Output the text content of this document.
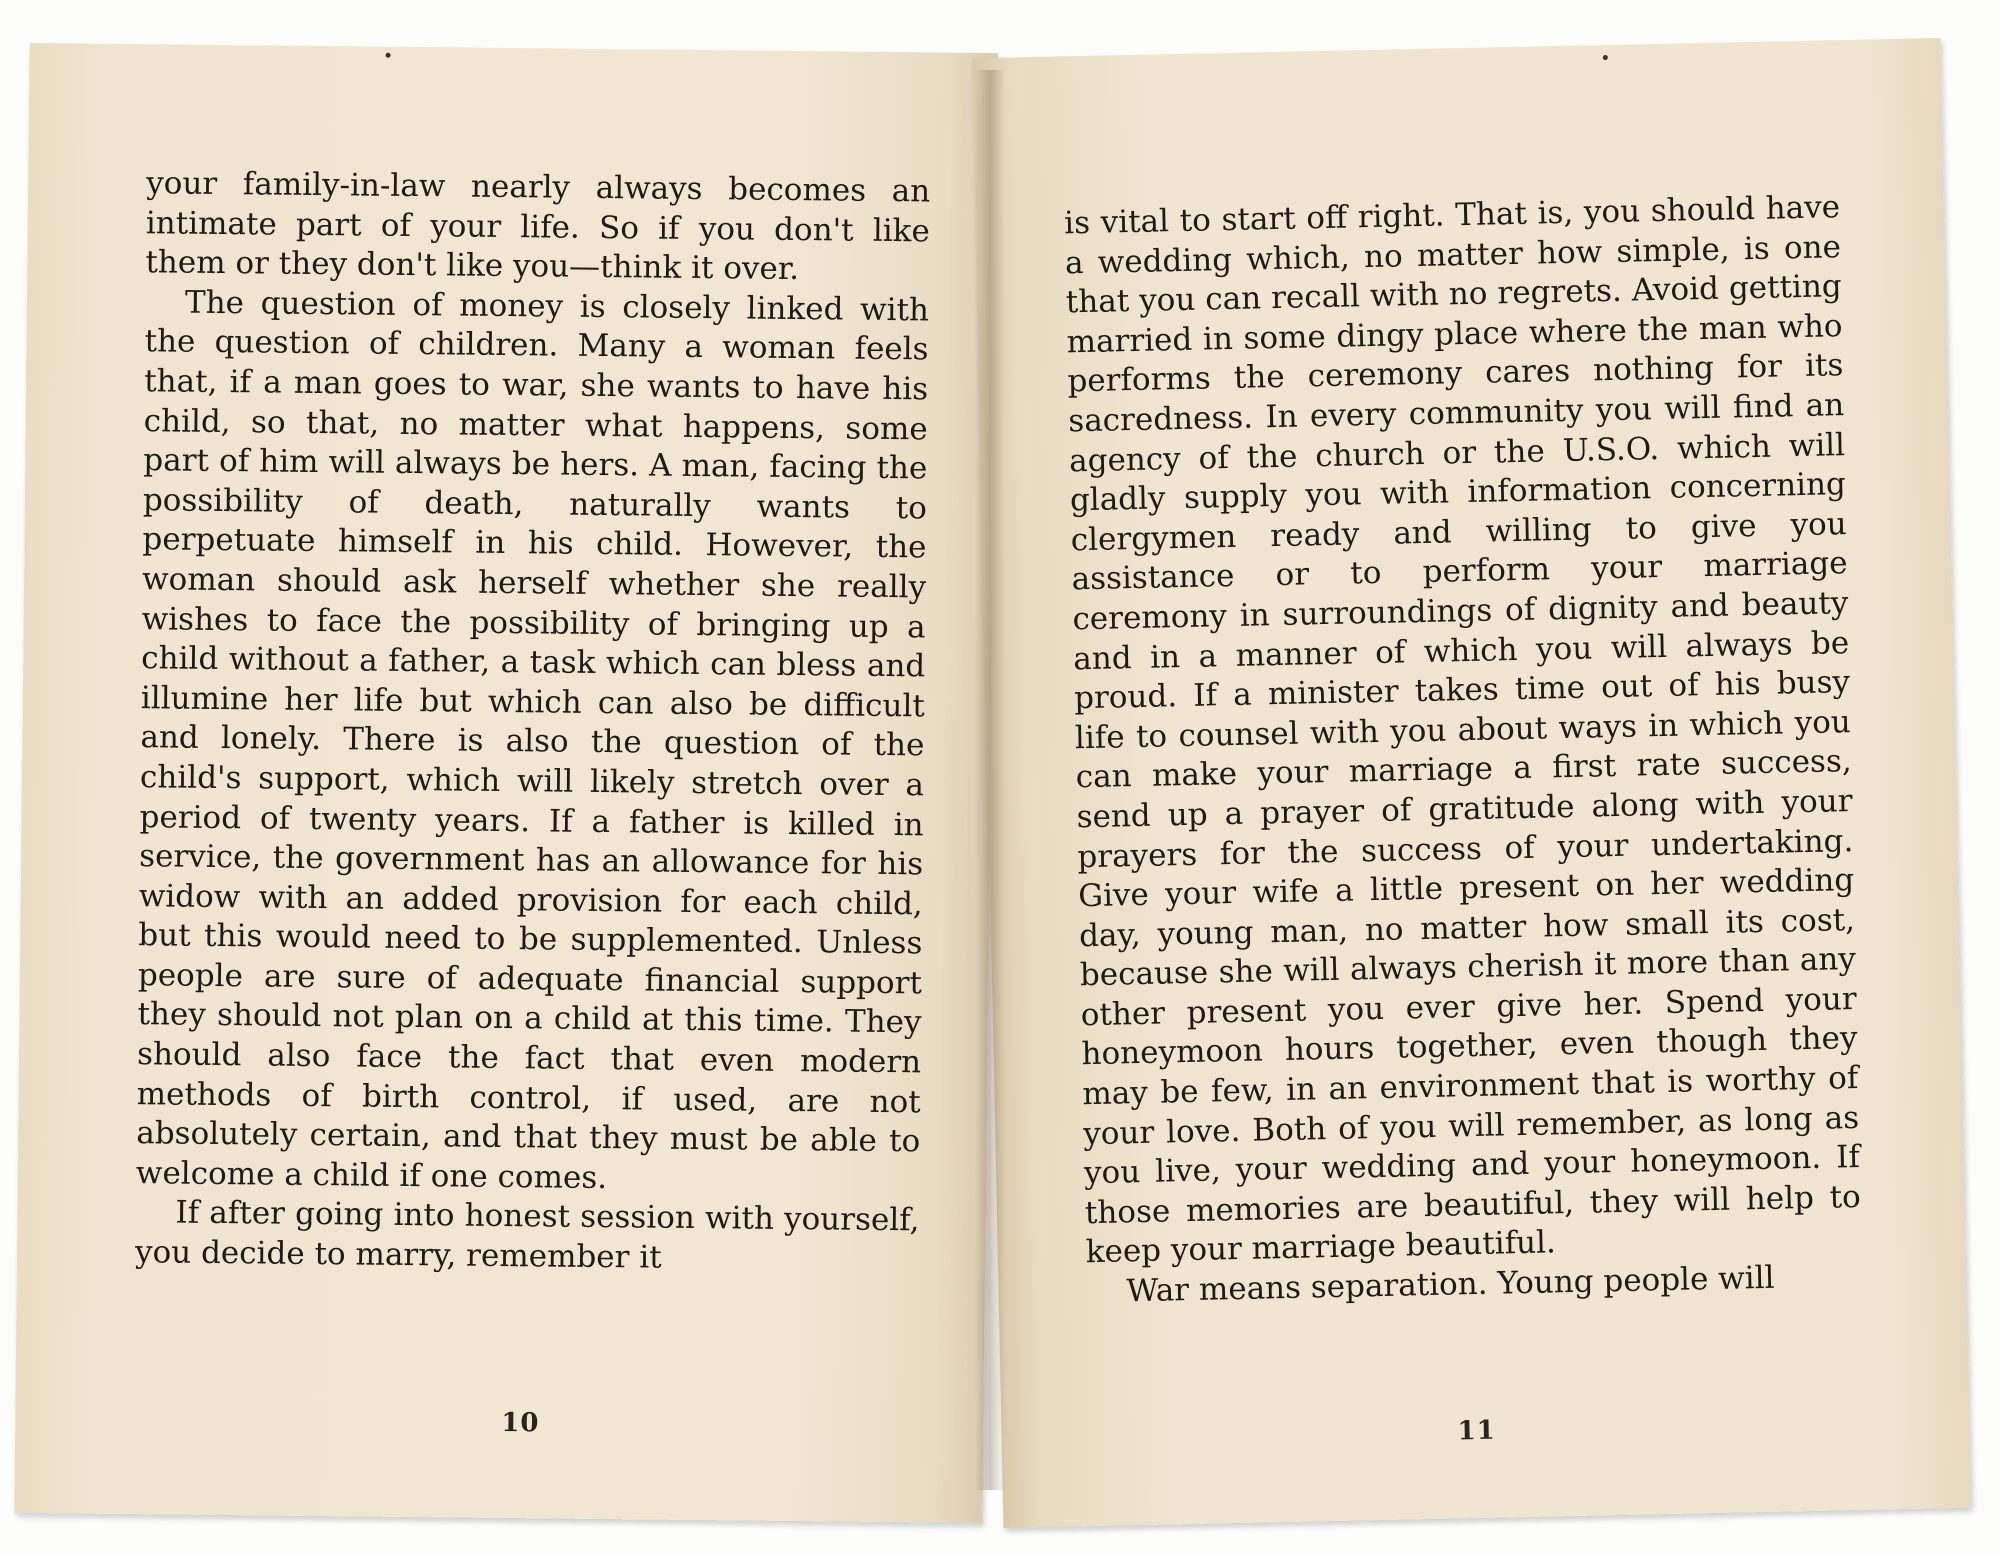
your family-in-law nearly always becomes an intimate part of your life. So if you don't like them or they don't like you—think it over.

The question of money is closely linked with the question of children. Many a woman feels that, if a man goes to war, she wants to have his child, so that, no matter what happens, some part of him will always be hers. A man, facing the possibility of death, naturally wants to perpetuate himself in his child. However, the woman should ask herself whether she really wishes to face the possibility of bringing up a child without a father, a task which can bless and illumine her life but which can also be difficult and lonely. There is also the question of the child's support, which will likely stretch over a period of twenty years. If a father is killed in service, the government has an allowance for his widow with an added provision for each child, but this would need to be supplemented. Unless people are sure of adequate financial support they should not plan on a child at this time. They should also face the fact that even modern methods of birth control, if used, are not absolutely certain, and that they must be able to welcome a child if one comes.

If after going into honest session with yourself, you decide to marry, remember it

10

is vital to start off right. That is, you should have a wedding which, no matter how simple, is one that you can recall with no regrets. Avoid getting married in some dingy place where the man who performs the ceremony cares nothing for its sacredness. In every community you will find an agency of the church or the U.S.O. which will gladly supply you with information concerning clergymen ready and willing to give you assistance or to perform your marriage ceremony in surroundings of dignity and beauty and in a manner of which you will always be proud. If a minister takes time out of his busy life to counsel with you about ways in which you can make your marriage a first rate success, send up a prayer of gratitude along with your prayers for the success of your undertaking. Give your wife a little present on her wedding day, young man, no matter how small its cost, because she will always cherish it more than any other present you ever give her. Spend your honeymoon hours together, even though they may be few, in an environment that is worthy of your love. Both of you will remember, as long as you live, your wedding and your honeymoon. If those memories are beautiful, they will help to keep your marriage beautiful.

War means separation. Young people will

11
